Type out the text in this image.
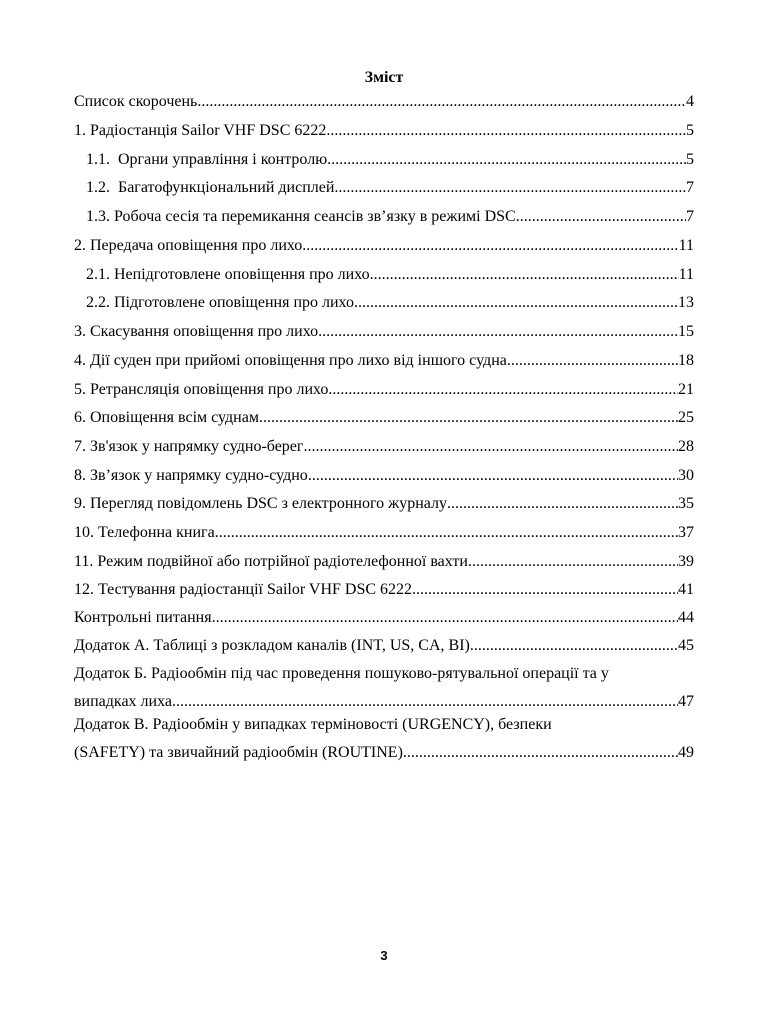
Зміст
Список скорочень .....	4
1. Радіостанція Sailor VHF DSC 6222 .....	5
1.1.  Органи управління і контролю .....	5
1.2.  Багатофункціональний дисплей .....	7
1.3. Робоча сесія та перемикання сеансів зв’язку в режимі DSC .....	7
2. Передача оповіщення про лихо .....	11
2.1. Непідготовлене оповіщення про лихо .....	11
2.2. Підготовлене оповіщення про лихо .....	13
3. Скасування оповіщення про лихо .....	15
4. Дії суден при прийомі оповіщення про лихо від іншого судна .....	18
5. Ретрансляція оповіщення про лихо .....	21
6. Оповіщення всім суднам .....	25
7. Зв'язок у напрямку судно-берег .....	28
8. Зв’язок у напрямку судно-судно .....	30
9. Перегляд повідомлень DSC з електронного журналу .....	35
10. Телефонна книга .....	37
11. Режим подвійної або потрійної радіотелефонної вахти .....	39
12. Тестування радіостанції Sailor VHF DSC 6222 .....	41
Контрольні питання .....	44
Додаток А. Таблиці з розкладом каналів (INT, US, CA, BI) .....	45
Додаток Б. Радіообмін під час проведення пошуково-рятувальної операції та у
випадках лиха .....	47
Додаток В. Радіообмін у випадках терміновості (URGENCY), безпеки
(SAFETY) та звичайний радіообмін (ROUTINE) .....	49
3
